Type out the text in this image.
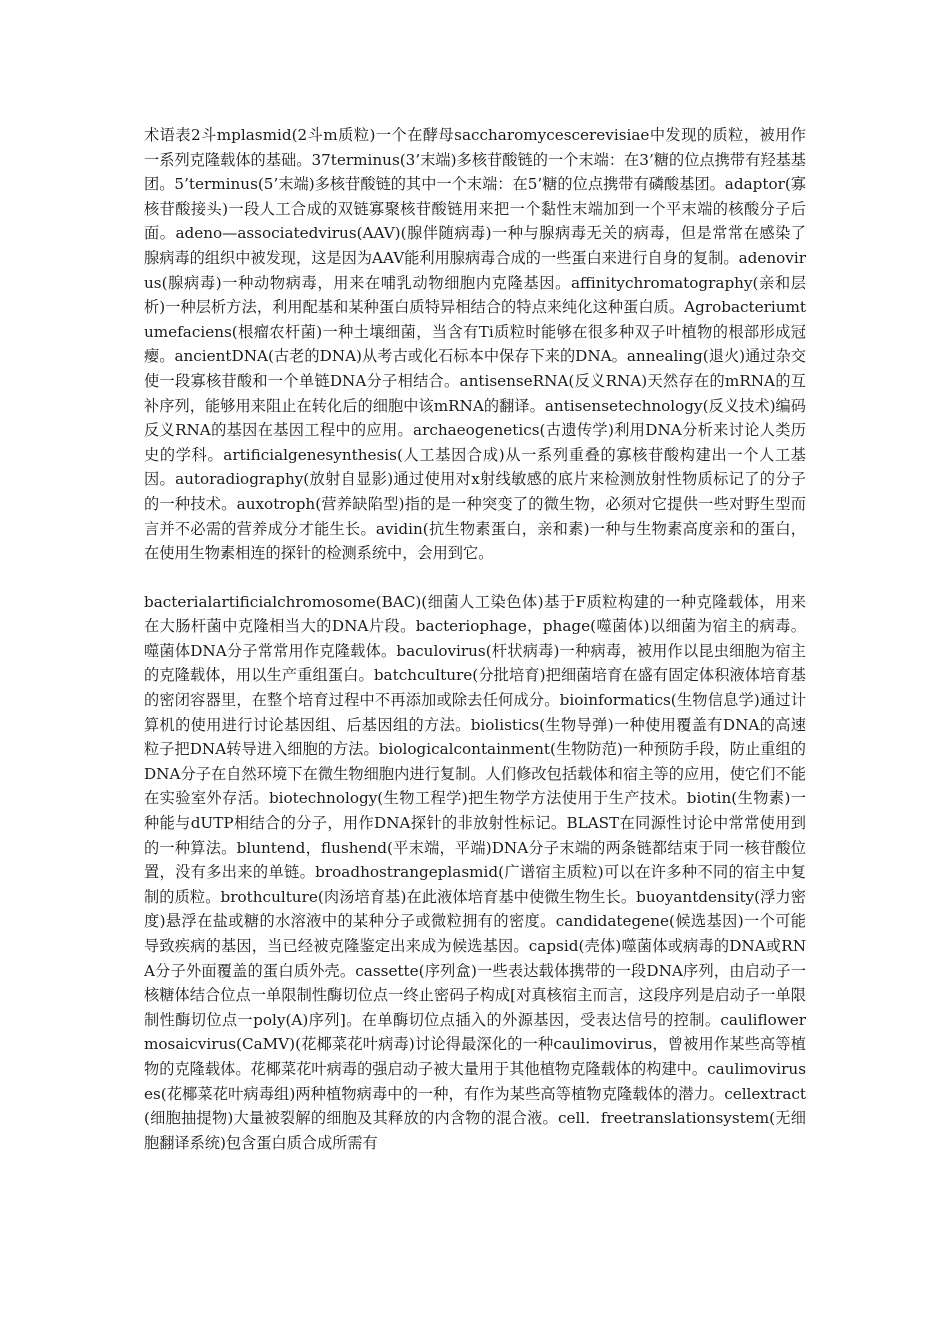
术语表2斗mplasmid(2斗m质粒)一个在酵母saccharomycescerevisiae中发现的质粒，被用作一系列克隆载体的基础。37terminus(3’末端)多核苷酸链的一个末端：在3’糖的位点携带有羟基基团。5’terminus(5’末端)多核苷酸链的其中一个末端：在5’糖的位点携带有磷酸基团。adaptor(寡核苷酸接头)一段人工合成的双链寡聚核苷酸链用来把一个黏性末端加到一个平末端的核酸分子后面。adeno—associatedvirus(AAV)(腺伴随病毒)一种与腺病毒无关的病毒，但是常常在感染了腺病毒的组织中被发现，这是因为AAV能利用腺病毒合成的一些蛋白来进行自身的复制。adenovirus(腺病毒)一种动物病毒，用来在哺乳动物细胞内克隆基因。affinitychromatography(亲和层析)一种层析方法，利用配基和某种蛋白质特异相结合的特点来纯化这种蛋白质。Agrobacteriumtumefaciens(根瘤农杆菌)一种土壤细菌，当含有Ti质粒时能够在很多种双子叶植物的根部形成冠瘿。ancientDNA(古老的DNA)从考古或化石标本中保存下来的DNA。annealing(退火)通过杂交使一段寡核苷酸和一个单链DNA分子相结合。antisenseRNA(反义RNA)天然存在的mRNA的互补序列，能够用来阻止在转化后的细胞中该mRNA的翻译。antisensetechnology(反义技术)编码反义RNA的基因在基因工程中的应用。archaeogenetics(古遗传学)利用DNA分析来讨论人类历史的学科。artificialgenesynthesis(人工基因合成)从一系列重叠的寡核苷酸构建出一个人工基因。autoradiography(放射自显影)通过使用对x射线敏感的底片来检测放射性物质标记了的分子的一种技术。auxotroph(营养缺陷型)指的是一种突变了的微生物，必须对它提供一些对野生型而言并不必需的营养成分才能生长。avidin(抗生物素蛋白，亲和素)一种与生物素高度亲和的蛋白，在使用生物素相连的探针的检测系统中，会用到它。

bacterialartificialchromosome(BAC)(细菌人工染色体)基于F质粒构建的一种克隆载体，用来在大肠杆菌中克隆相当大的DNA片段。bacteriophage，phage(噬菌体)以细菌为宿主的病毒。噬菌体DNA分子常常用作克隆载体。baculovirus(杆状病毒)一种病毒，被用作以昆虫细胞为宿主的克隆载体，用以生产重组蛋白。batchculture(分批培育)把细菌培育在盛有固定体积液体培育基的密闭容器里，在整个培育过程中不再添加或除去任何成分。bioinformatics(生物信息学)通过计算机的使用进行讨论基因组、后基因组的方法。biolistics(生物导弹)一种使用覆盖有DNA的高速粒子把DNA转导进入细胞的方法。biologicalcontainment(生物防范)一种预防手段，防止重组的DNA分子在自然环境下在微生物细胞内进行复制。人们修改包括载体和宿主等的应用，使它们不能在实验室外存活。biotechnology(生物工程学)把生物学方法使用于生产技术。biotin(生物素)一种能与dUTP相结合的分子，用作DNA探针的非放射性标记。BLAST在同源性讨论中常常使用到的一种算法。bluntend，flushend(平末端，平端)DNA分子末端的两条链都结束于同一核苷酸位置，没有多出来的单链。broadhostrangeplasmid(广谱宿主质粒)可以在许多种不同的宿主中复制的质粒。brothculture(肉汤培育基)在此液体培育基中使微生物生长。buoyantdensity(浮力密度)悬浮在盐或糖的水溶液中的某种分子或微粒拥有的密度。candidategene(候选基因)一个可能导致疾病的基因，当已经被克隆鉴定出来成为候选基因。capsid(壳体)噬菌体或病毒的DNA或RNA分子外面覆盖的蛋白质外壳。cassette(序列盒)一些表达载体携带的一段DNA序列，由启动子一核糖体结合位点一单限制性酶切位点一终止密码子构成[对真核宿主而言，这段序列是启动子一单限制性酶切位点一poly(A)序列]。在单酶切位点插入的外源基因，受表达信号的控制。cauliflowermosaicvirus(CaMV)(花椰菜花叶病毒)讨论得最深化的一种caulimovirus，曾被用作某些高等植物的克隆载体。花椰菜花叶病毒的强启动子被大量用于其他植物克隆载体的构建中。caulimoviruses(花椰菜花叶病毒组)两种植物病毒中的一种，有作为某些高等植物克隆载体的潜力。cellextract(细胞抽提物)大量被裂解的细胞及其释放的内含物的混合液。cell．freetranslationsystem(无细胞翻译系统)包含蛋白质合成所需有
